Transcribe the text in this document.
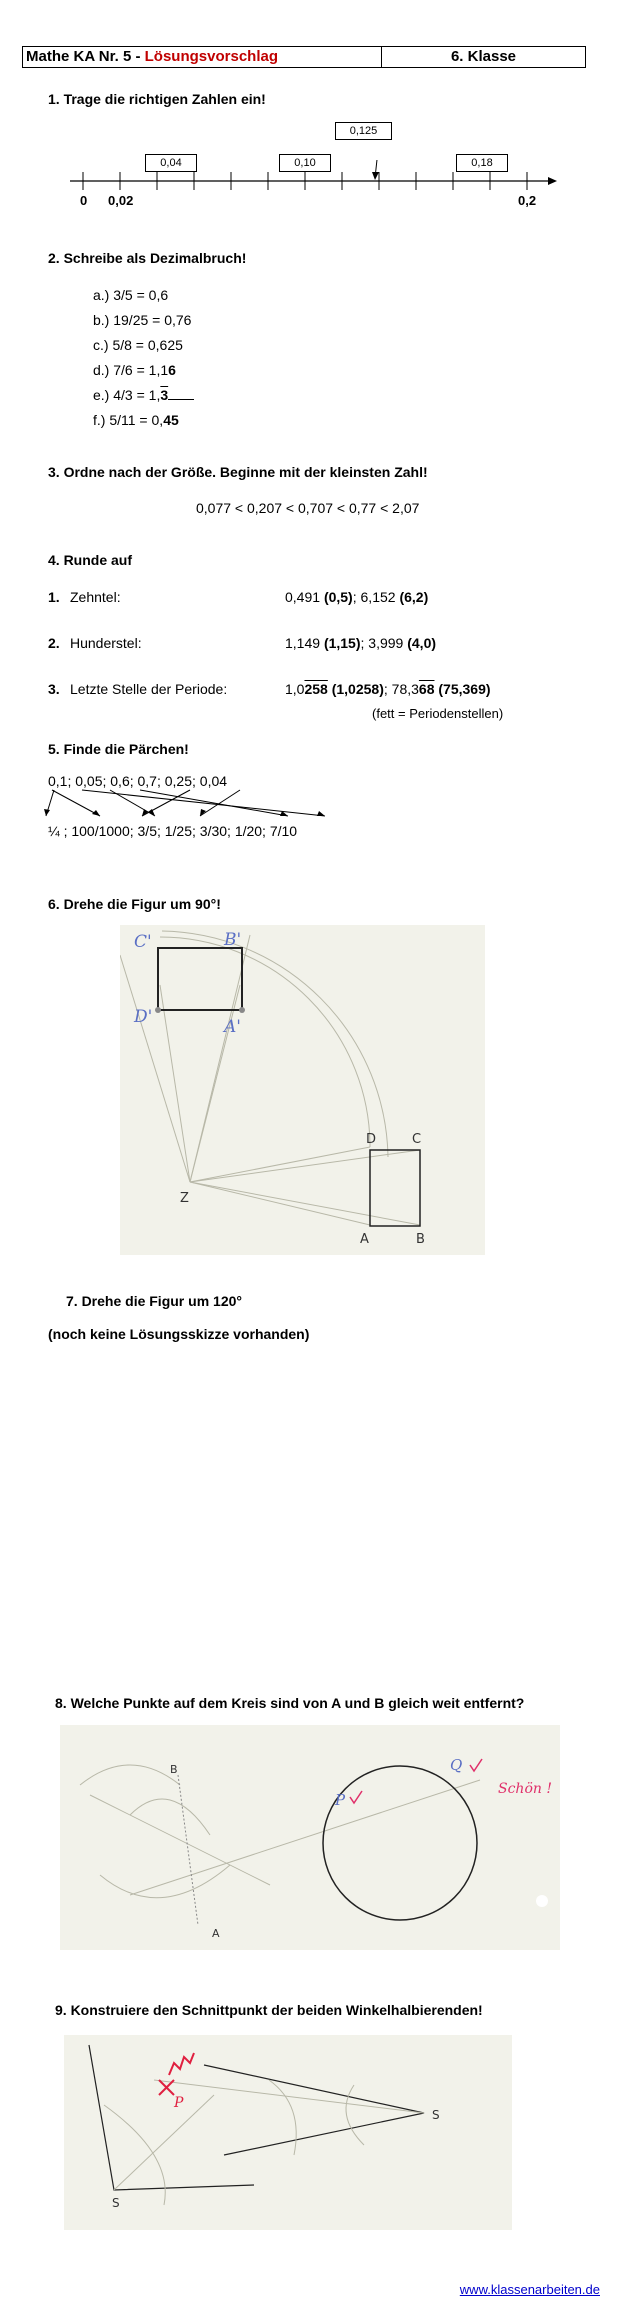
Mathe KA Nr. 5 - Lösungsvorschlag	6. Klasse
1. Trage die richtigen Zahlen ein!
0,04	0,10
0,125
0,18
0 0,02	0,2
2. Schreibe als Dezimalbruch!
a.) 3/5 = 0,6
b.) 19/25 = 0,76
c.) 5/8 = 0,625
d.) 7/6 = 1,16
e.) 4/3 = 1,3
f.) 5/11 = 0,45
3. Ordne nach der Größe. Beginne mit der kleinsten Zahl!
0,077 < 0,207 < 0,707 < 0,77 < 2,07
4. Runde auf
1. Zehntel:	0,491 (0,5); 6,152 (6,2)
2. Hunderstel:	1,149 (1,15); 3,999 (4,0)
3. Letzte Stelle der Periode:	1,0258 (1,0258); 78,368 (75,369)
(fett = Periodenstellen)
5. Finde die Pärchen!
0,1; 0,05; 0,6; 0,7; 0,25; 0,04
¼ ; 100/1000; 3/5; 1/25; 3/30; 1/20; 7/10
6. Drehe die Figur um 90°!
C'	B'
D'	A'
D	C
Z
A	B
7. Drehe die Figur um 120°
(noch keine Lösungsskizze vorhanden)
8. Welche Punkte auf dem Kreis sind von A und B gleich weit entfernt?
B
A
P
Q
Schön !
9. Konstruiere den Schnittpunkt der beiden Winkelhalbierenden!
S
S
P
www.klassenarbeiten.de
